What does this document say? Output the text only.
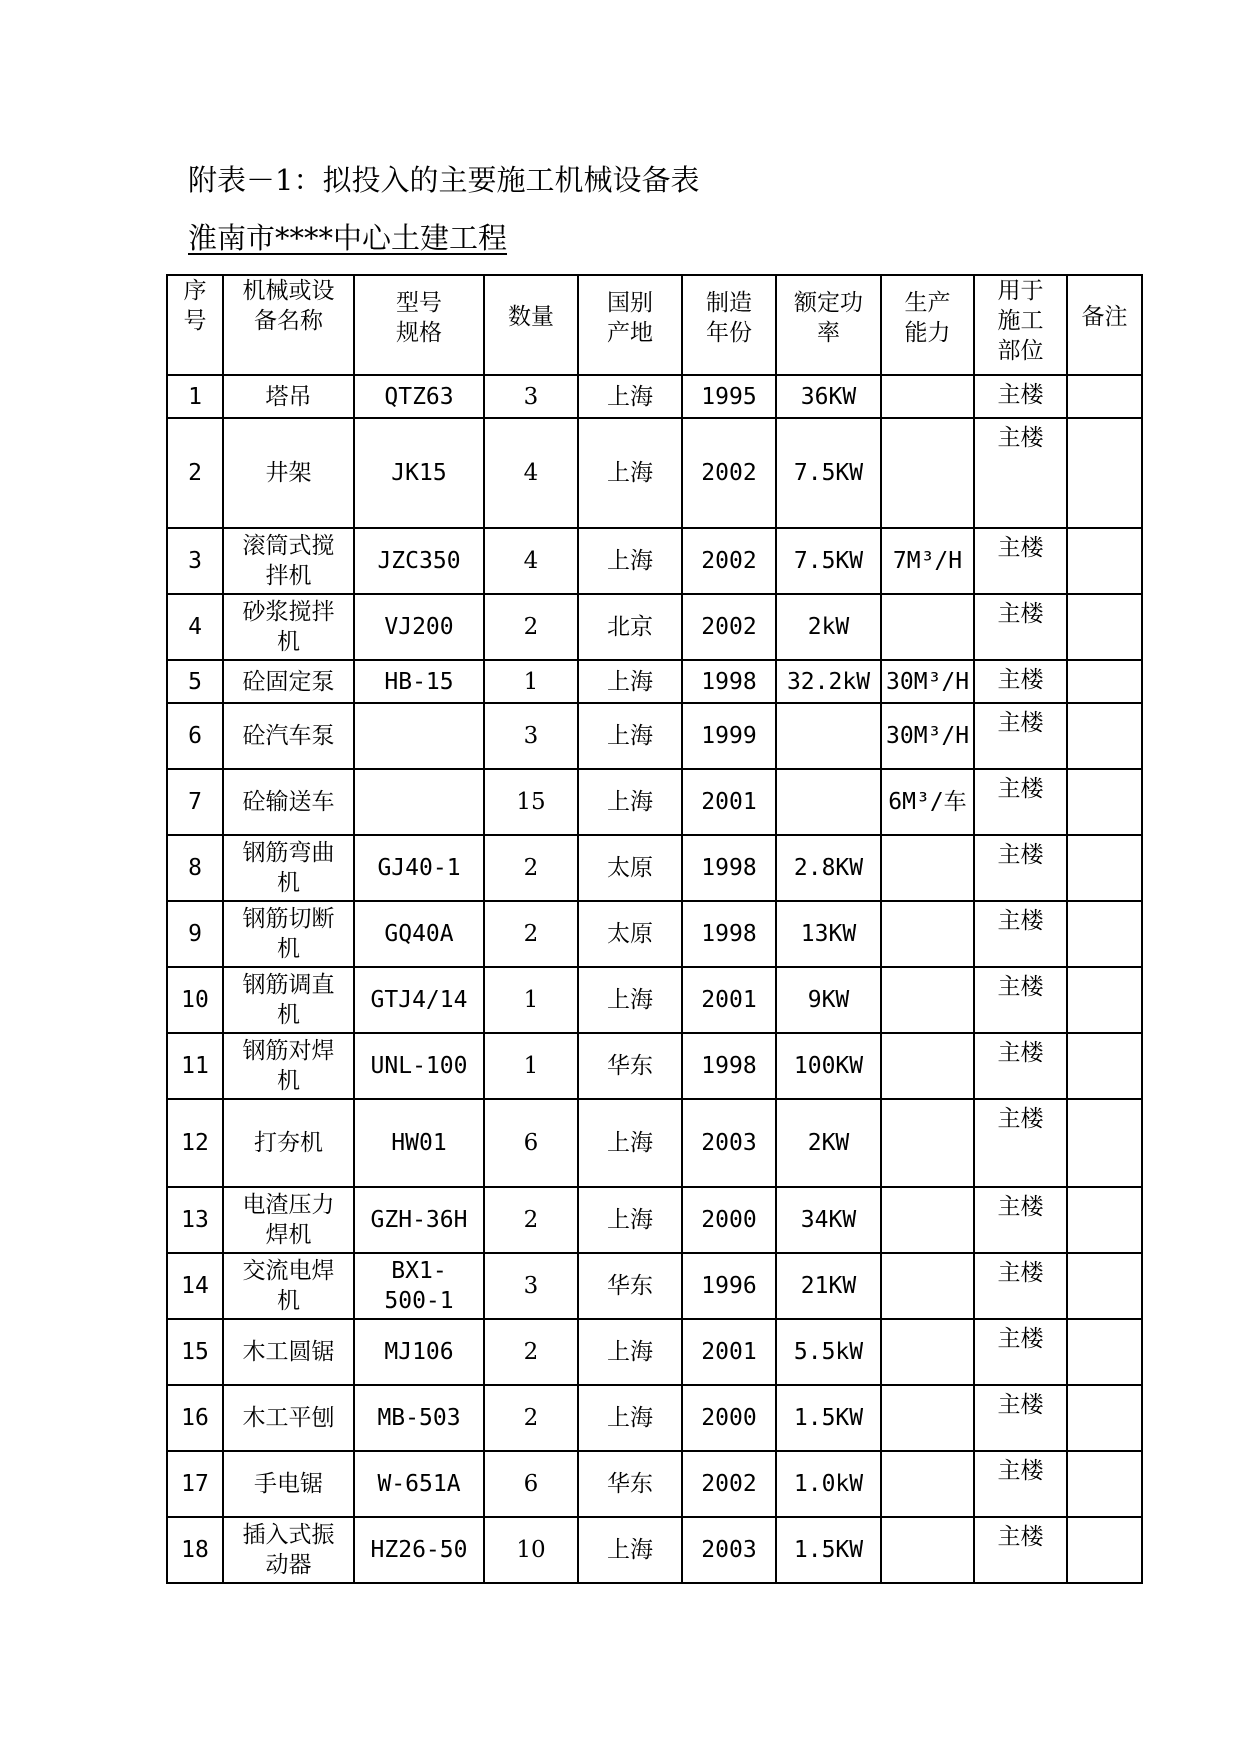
附表－1：拟投入的主要施工机械设备表
淮南市****中心土建工程
序号	机械或设备名称	型号规格	数量	国别产地	制造年份	额定功率	生产能力	用于施工部位	备注
1	塔吊	QTZ63	3	上海	1995	36KW		主楼	
2	井架	JK15	4	上海	2002	7.5KW		主楼	
3	滚筒式搅拌机	JZC350	4	上海	2002	7.5KW	7M³/H	主楼	
4	砂浆搅拌机	VJ200	2	北京	2002	2kW		主楼	
5	砼固定泵	HB-15	1	上海	1998	32.2kW	30M³/H	主楼	
6	砼汽车泵		3	上海	1999		30M³/H	主楼	
7	砼输送车		15	上海	2001		6M³/车	主楼	
8	钢筋弯曲机	GJ40-1	2	太原	1998	2.8KW		主楼	
9	钢筋切断机	GQ40A	2	太原	1998	13KW		主楼	
10	钢筋调直机	GTJ4/14	1	上海	2001	9KW		主楼	
11	钢筋对焊机	UNL-100	1	华东	1998	100KW		主楼	
12	打夯机	HW01	6	上海	2003	2KW		主楼	
13	电渣压力焊机	GZH-36H	2	上海	2000	34KW		主楼	
14	交流电焊机	BX1-500-1	3	华东	1996	21KW		主楼	
15	木工圆锯	MJ106	2	上海	2001	5.5kW		主楼	
16	木工平刨	MB-503	2	上海	2000	1.5KW		主楼	
17	手电锯	W-651A	6	华东	2002	1.0kW		主楼	
18	插入式振动器	HZ26-50	10	上海	2003	1.5KW		主楼	
